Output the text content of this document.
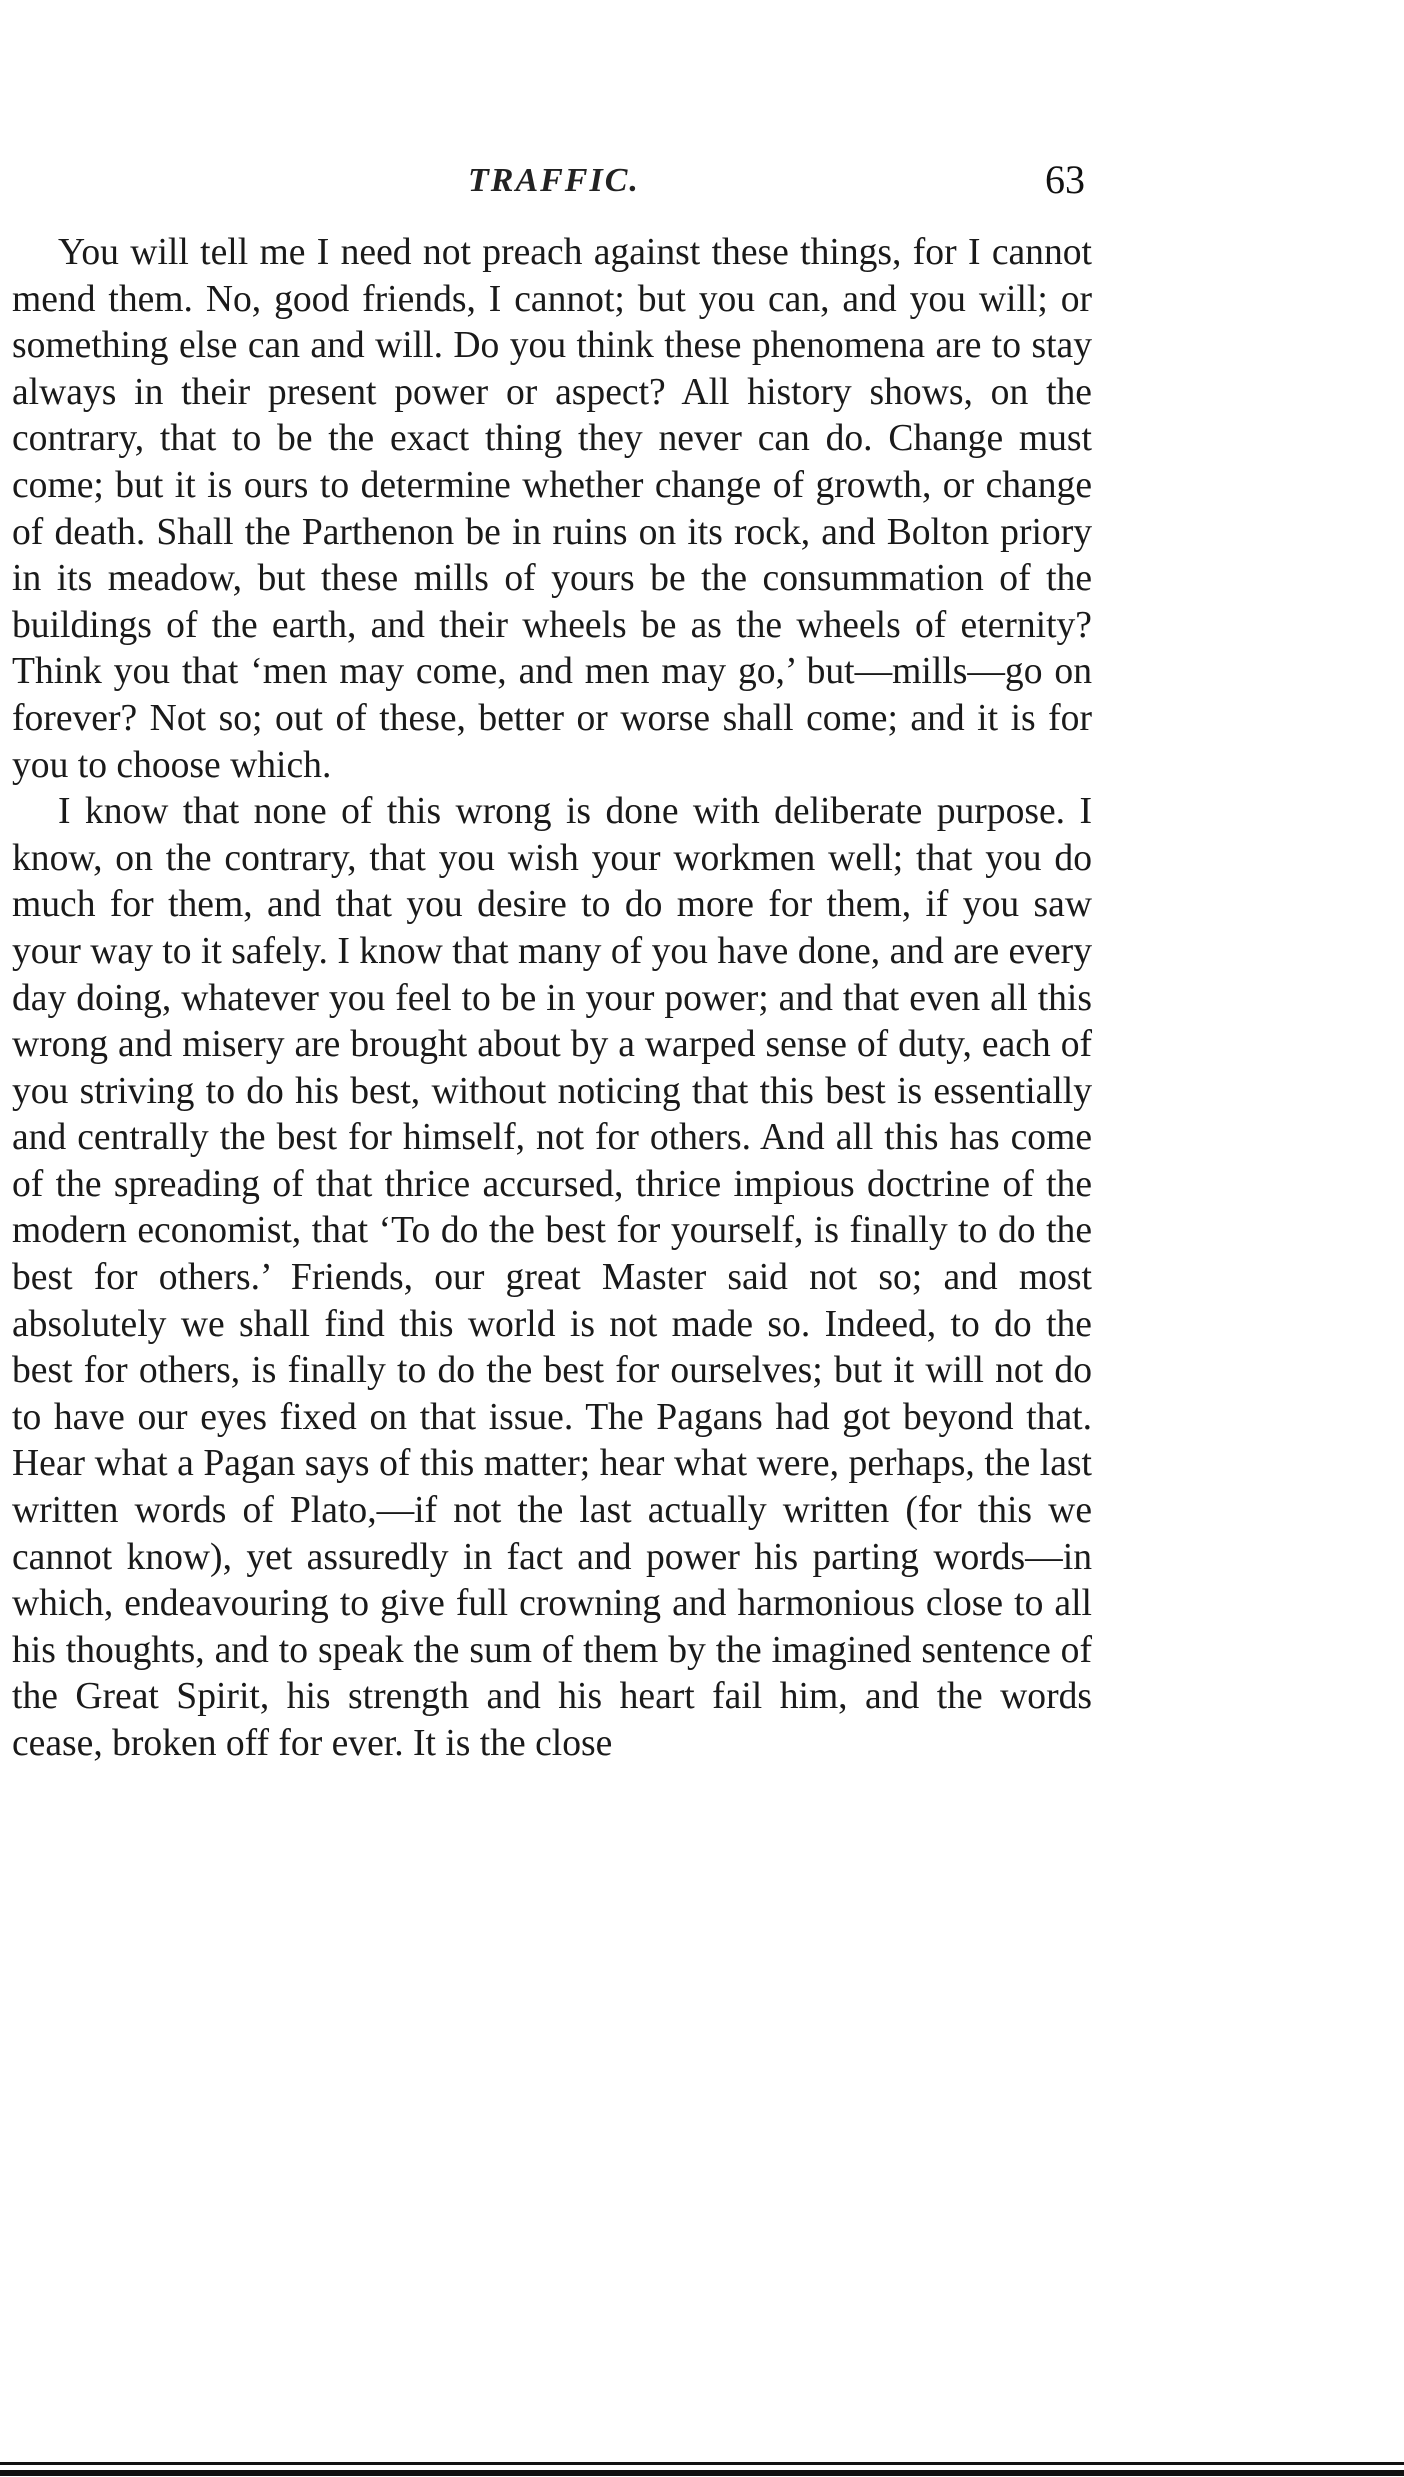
TRAFFIC.	63

You will tell me I need not preach against these things, for I cannot mend them. No, good friends, I cannot; but you can, and you will; or something else can and will. Do you think these phenomena are to stay always in their present power or aspect? All history shows, on the contrary, that to be the exact thing they never can do. Change must come; but it is ours to determine whether change of growth, or change of death. Shall the Parthenon be in ruins on its rock, and Bolton priory in its meadow, but these mills of yours be the consummation of the buildings of the earth, and their wheels be as the wheels of eternity? Think you that ‘men may come, and men may go,’ but—mills—go on forever? Not so; out of these, better or worse shall come; and it is for you to choose which.

I know that none of this wrong is done with deliberate purpose. I know, on the contrary, that you wish your workmen well; that you do much for them, and that you desire to do more for them, if you saw your way to it safely. I know that many of you have done, and are every day doing, whatever you feel to be in your power; and that even all this wrong and misery are brought about by a warped sense of duty, each of you striving to do his best, without noticing that this best is essentially and centrally the best for himself, not for others. And all this has come of the spreading of that thrice accursed, thrice impious doctrine of the modern economist, that ‘To do the best for yourself, is finally to do the best for others.’ Friends, our great Master said not so; and most absolutely we shall find this world is not made so. Indeed, to do the best for others, is finally to do the best for ourselves; but it will not do to have our eyes fixed on that issue. The Pagans had got beyond that. Hear what a Pagan says of this matter; hear what were, perhaps, the last written words of Plato,—if not the last actually written (for this we cannot know), yet assuredly in fact and power his parting words—in which, endeavouring to give full crowning and harmonious close to all his thoughts, and to speak the sum of them by the imagined sentence of the Great Spirit, his strength and his heart fail him, and the words cease, broken off for ever. It is the close
